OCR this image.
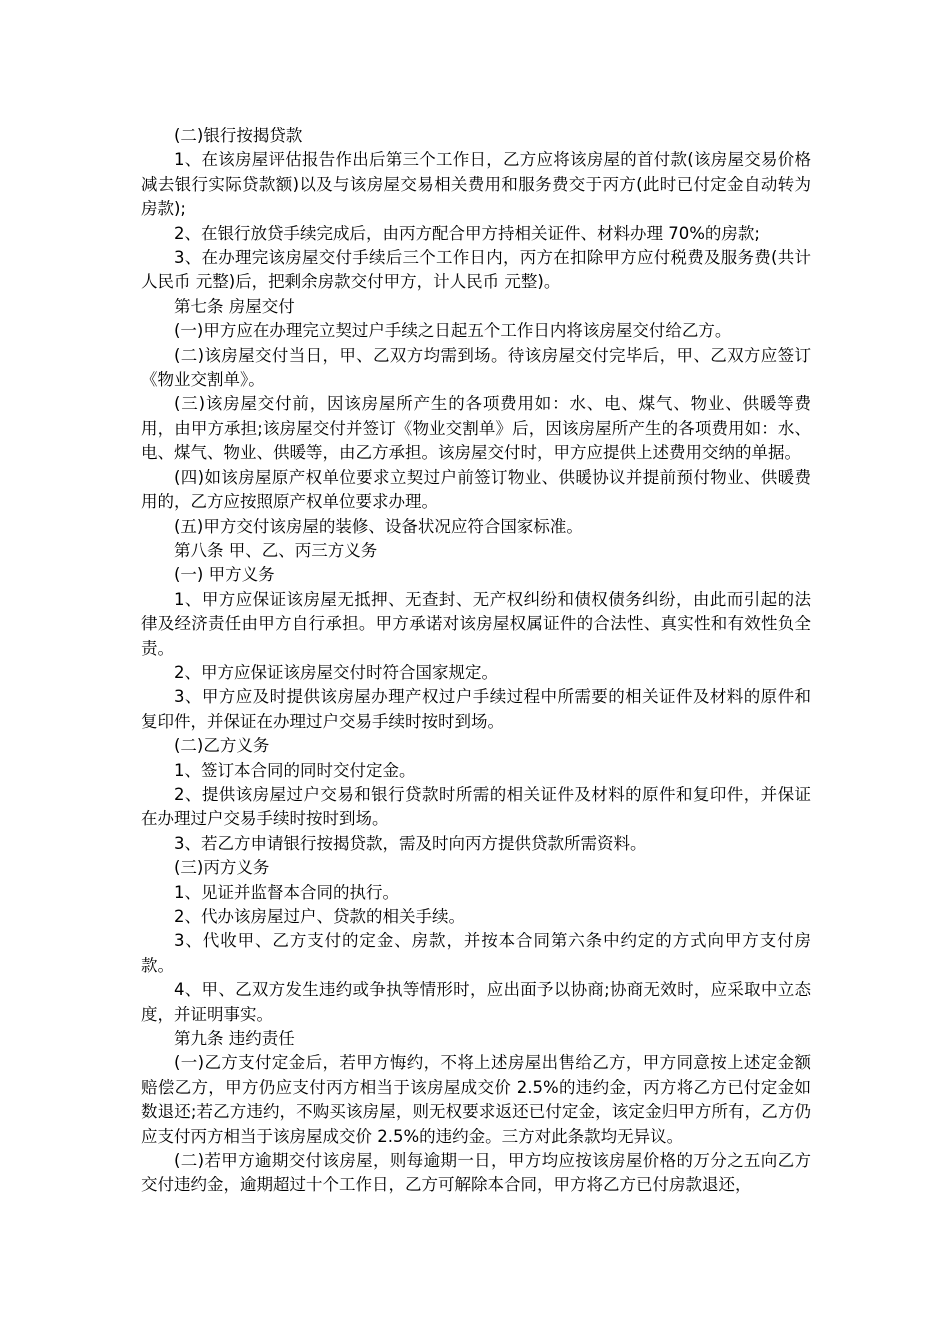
(二)银行按揭贷款

1、在该房屋评估报告作出后第三个工作日，乙方应将该房屋的首付款(该房屋交易价格减去银行实际贷款额)以及与该房屋交易相关费用和服务费交于丙方(此时已付定金自动转为房款);

2、在银行放贷手续完成后，由丙方配合甲方持相关证件、材料办理 70%的房款;

3、在办理完该房屋交付手续后三个工作日内，丙方在扣除甲方应付税费及服务费(共计人民币 元整)后，把剩余房款交付甲方，计人民币 元整)。

第七条 房屋交付

(一)甲方应在办理完立契过户手续之日起五个工作日内将该房屋交付给乙方。

(二)该房屋交付当日，甲、乙双方均需到场。待该房屋交付完毕后，甲、乙双方应签订《物业交割单》。

(三)该房屋交付前，因该房屋所产生的各项费用如：水、电、煤气、物业、供暖等费用，由甲方承担;该房屋交付并签订《物业交割单》后，因该房屋所产生的各项费用如：水、电、煤气、物业、供暖等，由乙方承担。该房屋交付时，甲方应提供上述费用交纳的单据。

(四)如该房屋原产权单位要求立契过户前签订物业、供暖协议并提前预付物业、供暖费用的，乙方应按照原产权单位要求办理。

(五)甲方交付该房屋的装修、设备状况应符合国家标准。

第八条 甲、乙、丙三方义务

(一) 甲方义务

1、甲方应保证该房屋无抵押、无查封、无产权纠纷和债权债务纠纷，由此而引起的法律及经济责任由甲方自行承担。甲方承诺对该房屋权属证件的合法性、真实性和有效性负全责。

2、甲方应保证该房屋交付时符合国家规定。

3、甲方应及时提供该房屋办理产权过户手续过程中所需要的相关证件及材料的原件和复印件，并保证在办理过户交易手续时按时到场。

(二)乙方义务

1、签订本合同的同时交付定金。

2、提供该房屋过户交易和银行贷款时所需的相关证件及材料的原件和复印件，并保证在办理过户交易手续时按时到场。

3、若乙方申请银行按揭贷款，需及时向丙方提供贷款所需资料。

(三)丙方义务

1、见证并监督本合同的执行。

2、代办该房屋过户、贷款的相关手续。

3、代收甲、乙方支付的定金、房款，并按本合同第六条中约定的方式向甲方支付房款。

4、甲、乙双方发生违约或争执等情形时，应出面予以协商;协商无效时，应采取中立态度，并证明事实。

第九条 违约责任

(一)乙方支付定金后，若甲方悔约，不将上述房屋出售给乙方，甲方同意按上述定金额赔偿乙方，甲方仍应支付丙方相当于该房屋成交价 2.5%的违约金，丙方将乙方已付定金如数退还;若乙方违约，不购买该房屋，则无权要求返还已付定金，该定金归甲方所有，乙方仍应支付丙方相当于该房屋成交价 2.5%的违约金。三方对此条款均无异议。

(二)若甲方逾期交付该房屋，则每逾期一日，甲方均应按该房屋价格的万分之五向乙方交付违约金，逾期超过十个工作日，乙方可解除本合同，甲方将乙方已付房款退还，
